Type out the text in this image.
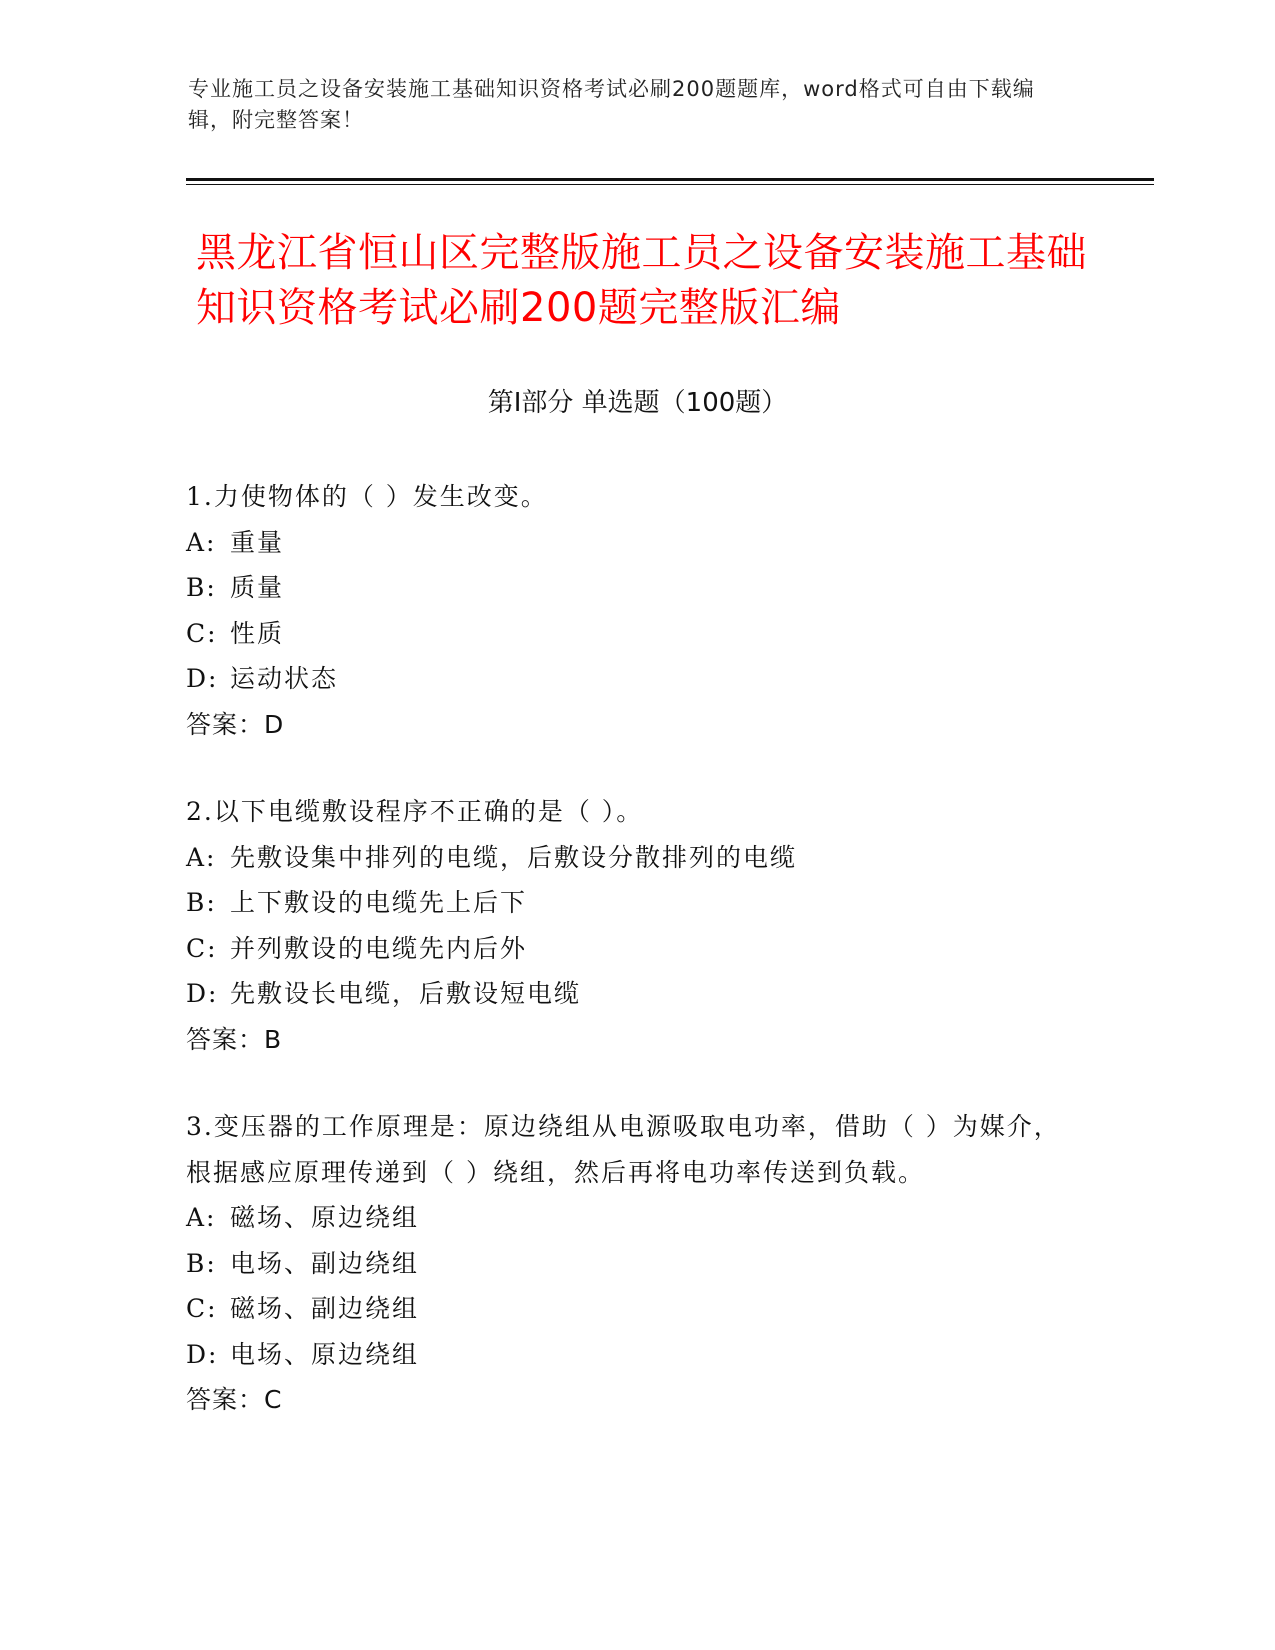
专业施工员之设备安装施工基础知识资格考试必刷200题题库，word格式可自由下载编辑，附完整答案！
黑龙江省恒山区完整版施工员之设备安装施工基础知识资格考试必刷200题完整版汇编
第Ⅰ部分 单选题（100题）
1.力使物体的（ ）发生改变。
A: 重量
B: 质量
C: 性质
D: 运动状态
答案：D
2.以下电缆敷设程序不正确的是（ ）。
A: 先敷设集中排列的电缆，后敷设分散排列的电缆
B: 上下敷设的电缆先上后下
C: 并列敷设的电缆先内后外
D: 先敷设长电缆，后敷设短电缆
答案：B
3.变压器的工作原理是：原边绕组从电源吸取电功率，借助（ ）为媒介，根据感应原理传递到（ ）绕组，然后再将电功率传送到负载。
A: 磁场、原边绕组
B: 电场、副边绕组
C: 磁场、副边绕组
D: 电场、原边绕组
答案：C
